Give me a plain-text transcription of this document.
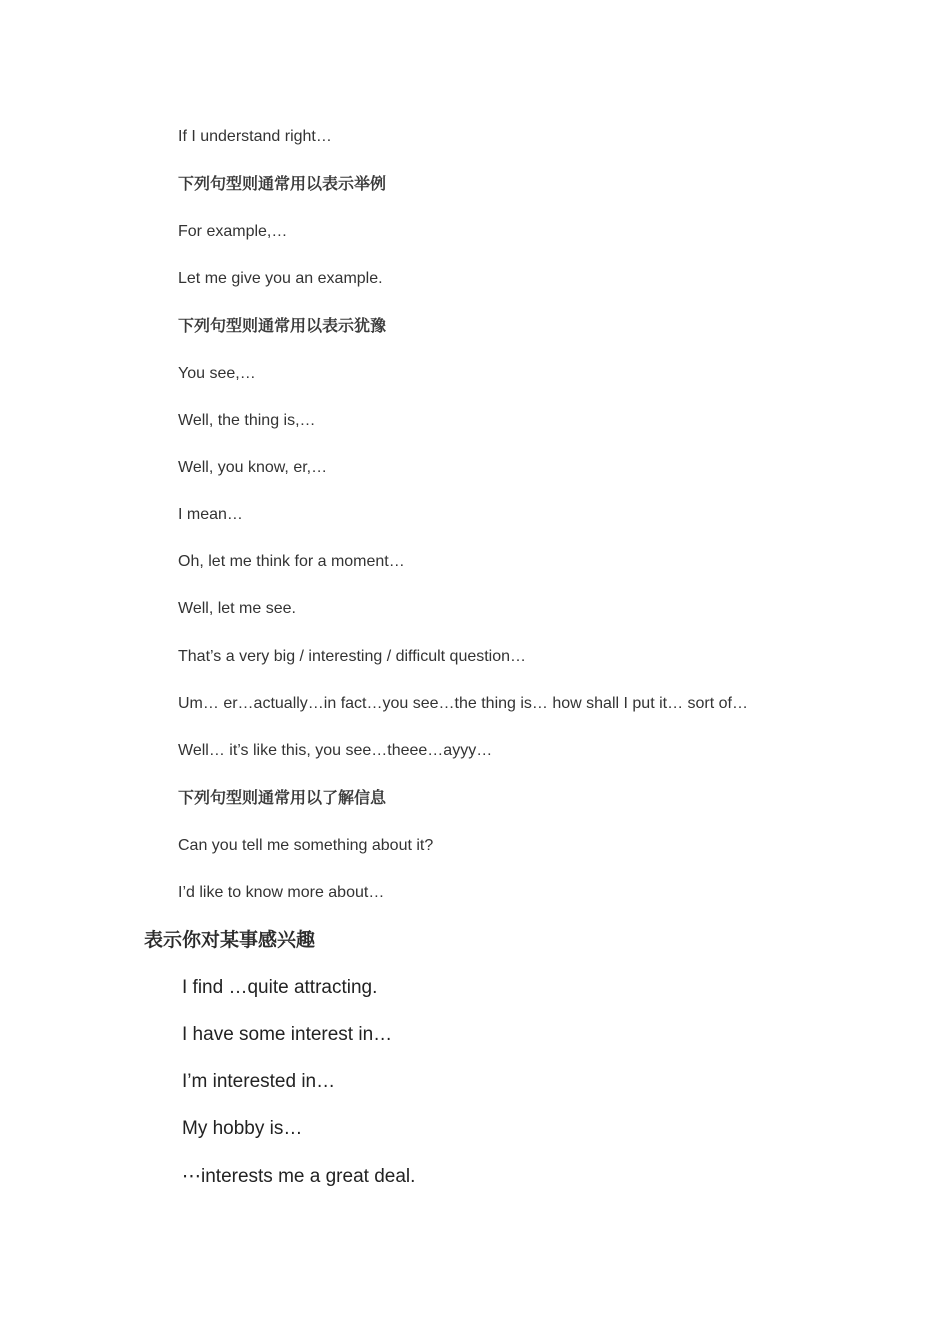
If I understand right…
下列句型则通常用以表示举例
For example,…
Let me give you an example.
下列句型则通常用以表示犹豫
You see,…
Well, the thing is,…
Well, you know, er,…
I mean…
Oh, let me think for a moment…
Well, let me see.
That’s a very big / interesting / difficult question…
Um… er…actually…in fact…you see…the thing is… how shall I put it… sort of…
Well… it’s like this, you see…theee…ayyy…
下列句型则通常用以了解信息
Can you tell me something about it?
I’d like to know more about…
表示你对某事感兴趣
I find …quite attracting.
I have some interest in…
I’m interested in…
My hobby is…
⋯interests me a great deal.
